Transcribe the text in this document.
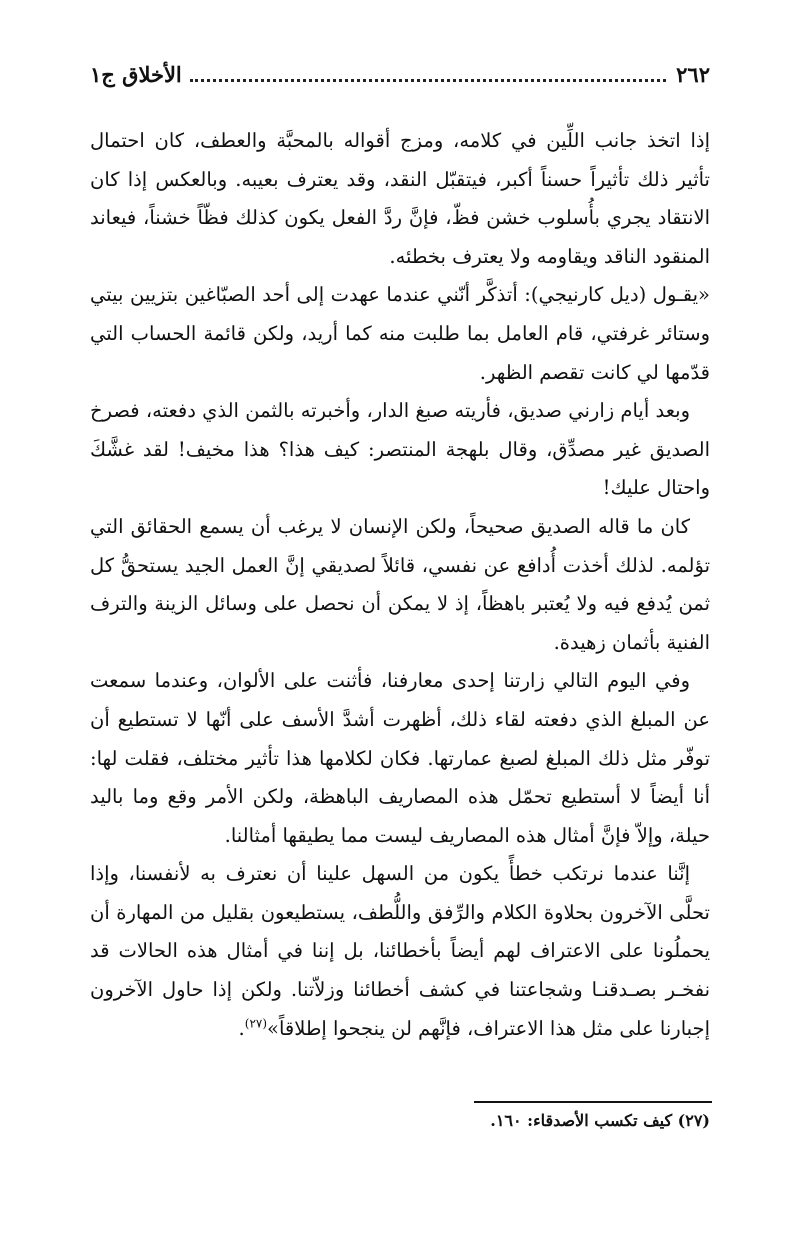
٢٦٢
الأخلاق ج١

إذا اتخذ جانب اللِّين في كلامه، ومزج أقواله بالمحبَّة والعطف، كان احتمال تأثير ذلك تأثيراً حسناً أكبر، فيتقبّل النقد، وقد يعترف بعيبه. وبالعكس إذا كان الانتقاد يجري بأُسلوب خشن فظّ، فإنَّ ردَّ الفعل يكون كذلك فظّاً خشناً، فيعاند المنقود الناقد ويقاومه ولا يعترف بخطئه.

«يقـول (ديل كارنيجي): أتذكَّر أنّني عندما عهدت إلى أحد الصبّاغين بتزيين بيتي وستائر غرفتي، قام العامل بما طلبت منه كما أريد، ولكن قائمة الحساب التي قدّمها لي كانت تقصم الظهر.

وبعد أيام زارني صديق، فأريته صبغ الدار، وأخبرته بالثمن الذي دفعته، فصرخ الصديق غير مصدِّق، وقال بلهجة المنتصر: كيف هذا؟ هذا مخيف! لقد غشَّكَ واحتال عليك!

كان ما قاله الصديق صحيحاً، ولكن الإنسان لا يرغب أن يسمع الحقائق التي تؤلمه. لذلك أخذت أُدافع عن نفسي، قائلاً لصديقي إنَّ العمل الجيد يستحقُّ كل ثمن يُدفع فيه ولا يُعتبر باهظاً، إذ لا يمكن أن نحصل على وسائل الزينة والترف الفنية بأثمان زهيدة.

وفي اليوم التالي زارتنا إحدى معارفنا، فأثنت على الألوان، وعندما سمعت عن المبلغ الذي دفعته لقاء ذلك، أظهرت أشدَّ الأسف على أنّها لا تستطيع أن توفّر مثل ذلك المبلغ لصبغ عمارتها. فكان لكلامها هذا تأثير مختلف، فقلت لها: أنا أيضاً لا أستطيع تحمّل هذه المصاريف الباهظة، ولكن الأمر وقع وما باليد حيلة، وإلاّ فإنَّ أمثال هذه المصاريف ليست مما يطيقها أمثالنا.

إنَّنا عندما نرتكب خطأً يكون من السهل علينا أن نعترف به لأنفسنا، وإذا تحلَّى الآخرون بحلاوة الكلام والرِّفق واللُّطف، يستطيعون بقليل من المهارة أن يحملُونا على الاعتراف لهم أيضاً بأخطائنا، بل إننا في أمثال هذه الحالات قد نفخـر بصـدقنـا وشجاعتنا في كشف أخطائنا وزلاّتنا. ولكن إذا حاول الآخرون إجبارنا على مثل هذا الاعتراف، فإنَّهم لن ينجحوا إطلاقاً»$^{(٢٧)}$.

(٢٧) كيف تكسب الأصدقاء: ١٦٠.
